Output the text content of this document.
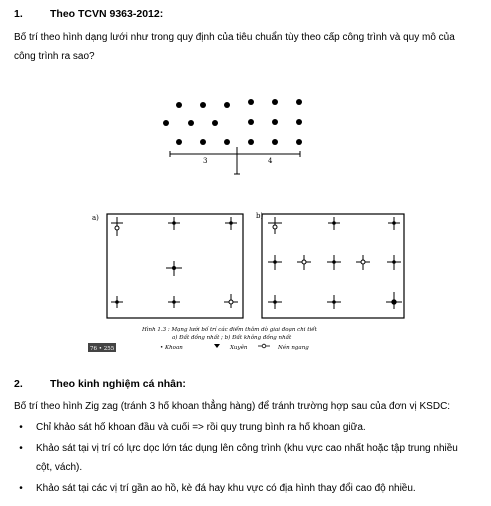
1.	Theo TCVN 9363-2012:
Bố trí theo hình dạng lưới như trong quy định của tiêu chuẩn tùy theo cấp công trình và quy mô của
công trình ra sao?
3	4
a)	b)
Hình 1.3 : Mạng lưới bố trí các điểm thăm dò giai đoạn chi tiết
a) Đất đồng nhất ; b) Đất không đồng nhất
• Khoan	Xuyên	Nén ngang
76 • 255
2.	Theo kinh nghiệm cá nhân:
Bố trí theo hình Zig zag (tránh 3 hố khoan thẳng hàng) để tránh trường hợp sau của đơn vị KSDC:
• Chỉ khảo sát hố khoan đầu và cuối => rồi quy trung bình ra hố khoan giữa.
• Khảo sát tại vị trí có lực dọc lớn tác dụng lên công trình (khu vực cao nhất hoặc tập trung nhiều
cột, vách).
• Khảo sát tại các vị trí gần ao hồ, kè đá hay khu vực có địa hình thay đổi cao độ nhiều.
